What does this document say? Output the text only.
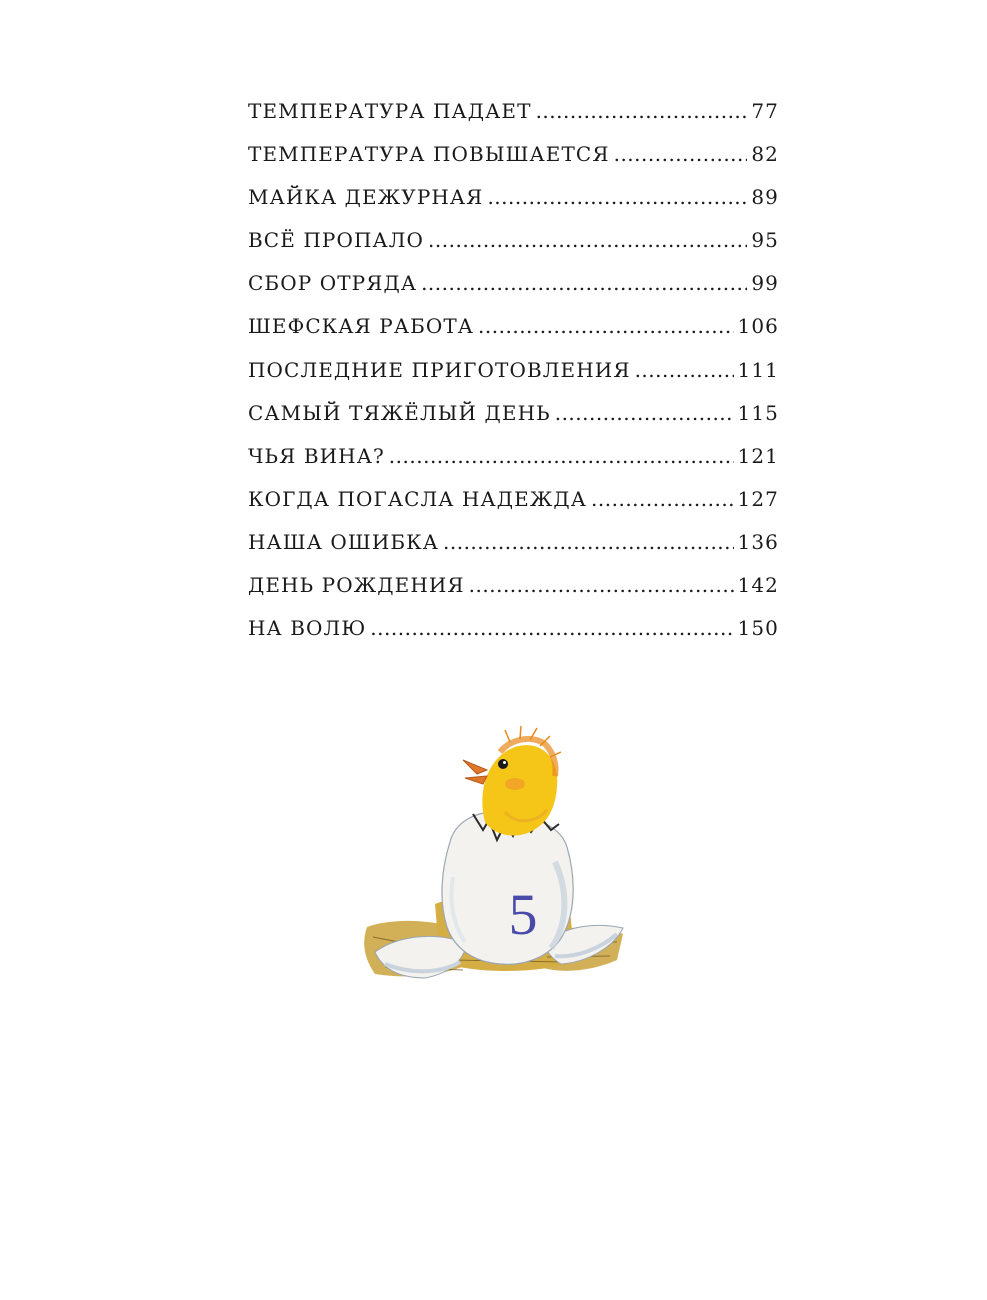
ТЕМПЕРАТУРА ПАДАЕТ .....	77
ТЕМПЕРАТУРА ПОВЫШАЕТСЯ .....	82
МАЙКА ДЕЖУРНАЯ .....	89
ВСЁ ПРОПАЛО .....	95
СБОР ОТРЯДА .....	99
ШЕФСКАЯ РАБОТА .....	106
ПОСЛЕДНИЕ ПРИГОТОВЛЕНИЯ .....	111
САМЫЙ ТЯЖЁЛЫЙ ДЕНЬ .....	115
ЧЬЯ ВИНА? .....	121
КОГДА ПОГАСЛА НАДЕЖДА .....	127
НАША ОШИБКА .....	136
ДЕНЬ РОЖДЕНИЯ .....	142
НА ВОЛЮ .....	150
5
